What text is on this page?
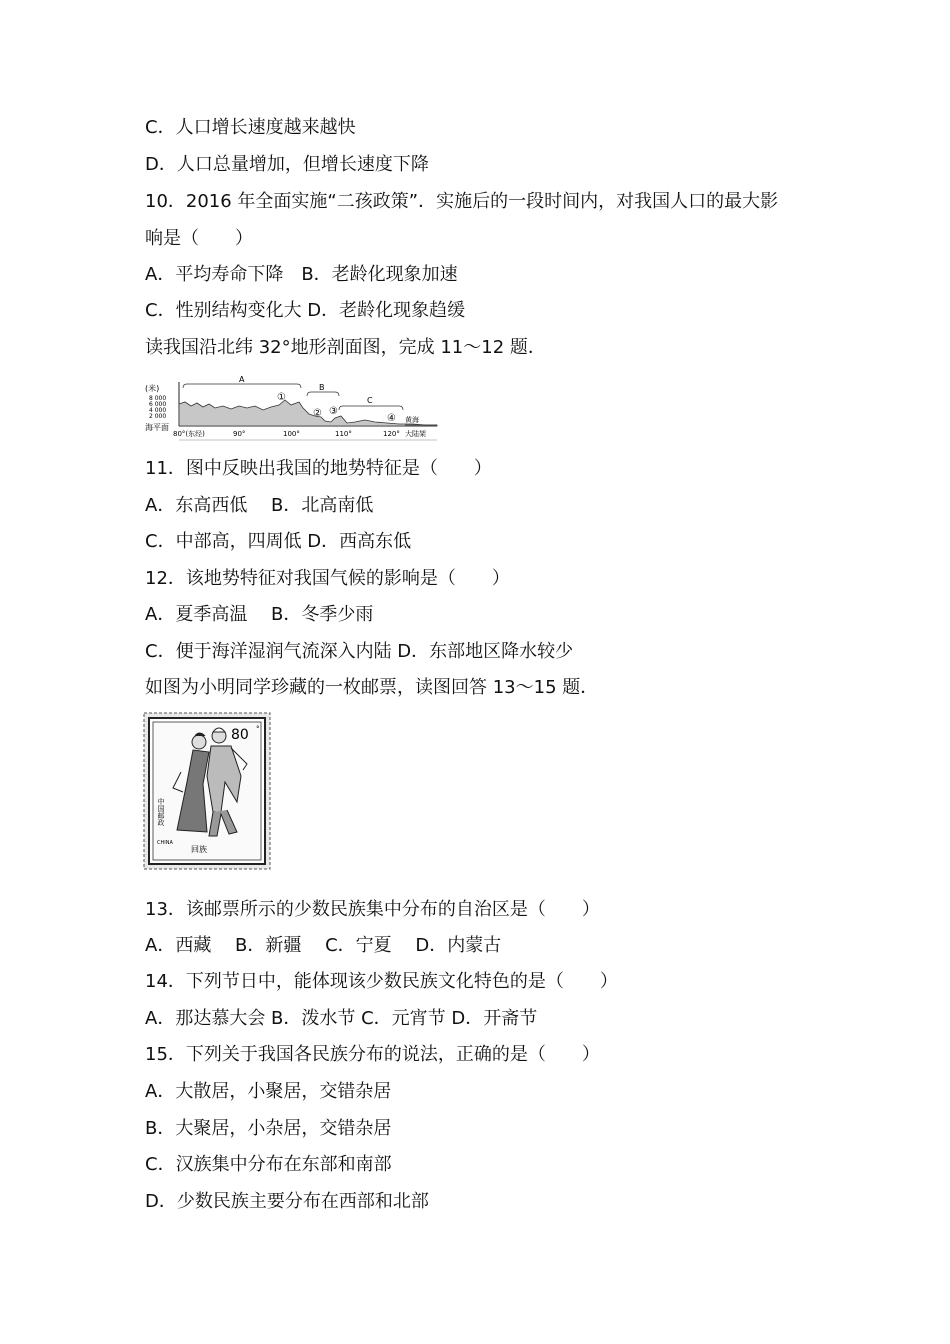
C．人口增长速度越来越快
D．人口总量增加，但增长速度下降
10．2016 年全面实施“二孩政策”．实施后的一段时间内，对我国人口的最大影
响是（　　）
A．平均寿命下降　B．老龄化现象加速
C．性别结构变化大 D．老龄化现象趋缓
读我国沿北纬 32°地形剖面图，完成 11～12 题．
(米)
8 000
6 000
4 000
2 000
海平面
A
B
C
①
② ③
④ 黄海
80°(东经)	90°	100°	110°	120° 大陆架
11．图中反映出我国的地势特征是（　　）
A．东高西低　 B．北高南低
C．中部高，四周低 D．西高东低
12．该地势特征对我国气候的影响是（　　）
A．夏季高温　 B．冬季少雨
C．便于海洋湿润气流深入内陆 D．东部地区降水较少
如图为小明同学珍藏的一枚邮票，读图回答 13～15 题．
80 °
中国邮政
CHINA
回族
13．该邮票所示的少数民族集中分布的自治区是（　　）
A．西藏　 B．新疆　 C．宁夏　 D．内蒙古
14．下列节日中，能体现该少数民族文化特色的是（　　）
A．那达慕大会 B．泼水节 C．元宵节 D．开斋节
15．下列关于我国各民族分布的说法，正确的是（　　）
A．大散居，小聚居，交错杂居
B．大聚居，小杂居，交错杂居
C．汉族集中分布在东部和南部
D．少数民族主要分布在西部和北部
